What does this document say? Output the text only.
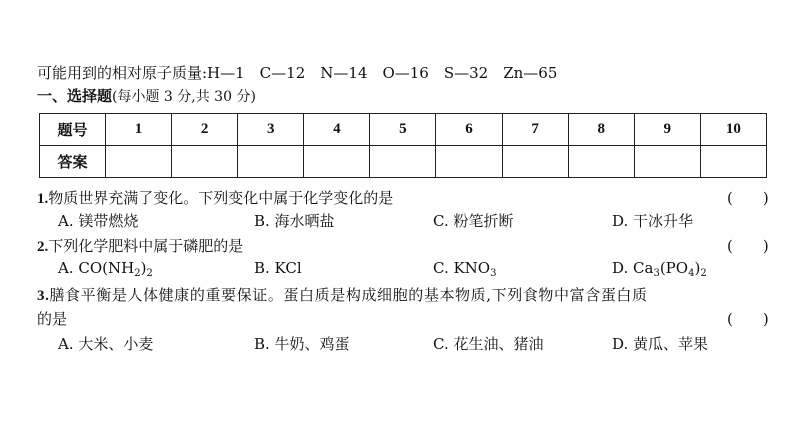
可能用到的相对原子质量:H—1　C—12　N—14　O—16　S—32　Zn—65
一、选择题(每小题 3 分,共 30 分)
题号	1	2	3	4	5	6	7	8	9	10
答案										
1.物质世界充满了变化。下列变化中属于化学变化的是	(　　)
A. 镁带燃烧	B. 海水晒盐	C. 粉笔折断	D. 干冰升华
2.下列化学肥料中属于磷肥的是	(　　)
A. $CO(NH_2)_2$	B. KCl	C. $KNO_3$	D. $Ca_3(PO_4)_2$
3.膳食平衡是人体健康的重要保证。蛋白质是构成细胞的基本物质,下列食物中富含蛋白质
的是	(　　)
A. 大米、小麦	B. 牛奶、鸡蛋	C. 花生油、猪油	D. 黄瓜、苹果
